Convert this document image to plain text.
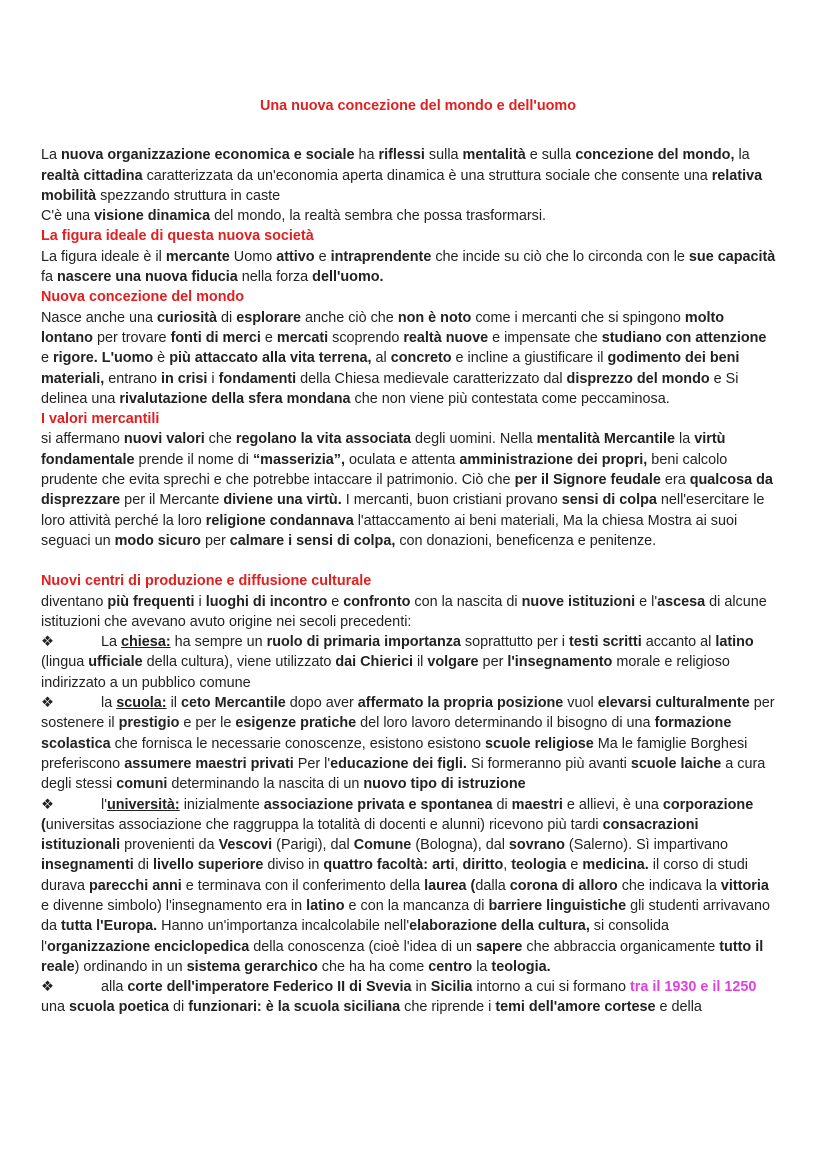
Una nuova concezione del mondo e dell'uomo

La nuova organizzazione economica e sociale ha riflessi sulla mentalità e sulla concezione del mondo, la realtà cittadina caratterizzata da un'economia aperta dinamica è una struttura sociale che consente una relativa mobilità spezzando struttura in caste

C'è una visione dinamica del mondo, la realtà sembra che possa trasformarsi.

La figura ideale di questa nuova società

La figura ideale è il mercante Uomo attivo e intraprendente che incide su ciò che lo circonda con le sue capacità fa nascere una nuova fiducia nella forza dell'uomo.

Nuova concezione del mondo

Nasce anche una curiosità di esplorare anche ciò che non è noto come i mercanti che si spingono molto lontano per trovare fonti di merci e mercati scoprendo realtà nuove e impensate che studiano con attenzione e rigore. L'uomo è più attaccato alla vita terrena, al concreto e incline a giustificare il godimento dei beni materiali, entrano in crisi i fondamenti della Chiesa medievale caratterizzato dal disprezzo del mondo e Si delinea una rivalutazione della sfera mondana che non viene più contestata come peccaminosa.

I valori mercantili

si affermano nuovi valori che regolano la vita associata degli uomini. Nella mentalità Mercantile la virtù fondamentale prende il nome di “masserizia”, oculata e attenta amministrazione dei propri, beni calcolo prudente che evita sprechi e che potrebbe intaccare il patrimonio. Ciò che per il Signore feudale era qualcosa da disprezzare per il Mercante diviene una virtù. I mercanti, buon cristiani provano sensi di colpa nell'esercitare le loro attività perché la loro religione condannava l'attaccamento ai beni materiali, Ma la chiesa Mostra ai suoi seguaci un modo sicuro per calmare i sensi di colpa, con donazioni, beneficenza e penitenze.

Nuovi centri di produzione e diffusione culturale

diventano più frequenti i luoghi di incontro e confronto con la nascita di nuove istituzioni e l'ascesa di alcune istituzioni che avevano avuto origine nei secoli precedenti:

❖	La chiesa: ha sempre un ruolo di primaria importanza soprattutto per i testi scritti accanto al latino (lingua ufficiale della cultura), viene utilizzato dai Chierici il volgare per l'insegnamento morale e religioso indirizzato a un pubblico comune

❖	la scuola: il ceto Mercantile dopo aver affermato la propria posizione vuol elevarsi culturalmente per sostenere il prestigio e per le esigenze pratiche del loro lavoro determinando il bisogno di una formazione scolastica che fornisca le necessarie conoscenze, esistono esistono scuole religiose Ma le famiglie Borghesi preferiscono assumere maestri privati Per l'educazione dei figli. Si formeranno più avanti scuole laiche a cura degli stessi comuni determinando la nascita di un nuovo tipo di istruzione

❖	l'università: inizialmente associazione privata e spontanea di maestri e allievi, è una corporazione (universitas associazione che raggruppa la totalità di docenti e alunni) ricevono più tardi consacrazioni istituzionali provenienti da Vescovi (Parigi), dal Comune (Bologna), dal sovrano (Salerno). Sì impartivano insegnamenti di livello superiore diviso in quattro facoltà: arti, diritto, teologia e medicina. il corso di studi durava parecchi anni e terminava con il conferimento della laurea (dalla corona di alloro che indicava la vittoria e divenne simbolo) l'insegnamento era in latino e con la mancanza di barriere linguistiche gli studenti arrivavano da tutta l'Europa. Hanno un'importanza incalcolabile nell'elaborazione della cultura, si consolida l'organizzazione enciclopedica della conoscenza (cioè l'idea di un sapere che abbraccia organicamente tutto il reale) ordinando in un sistema gerarchico che ha ha come centro la teologia.

❖	alla corte dell'imperatore Federico II di Svevia in Sicilia intorno a cui si formano tra il 1930 e il 1250 una scuola poetica di funzionari: è la scuola siciliana che riprende i temi dell'amore cortese e della
